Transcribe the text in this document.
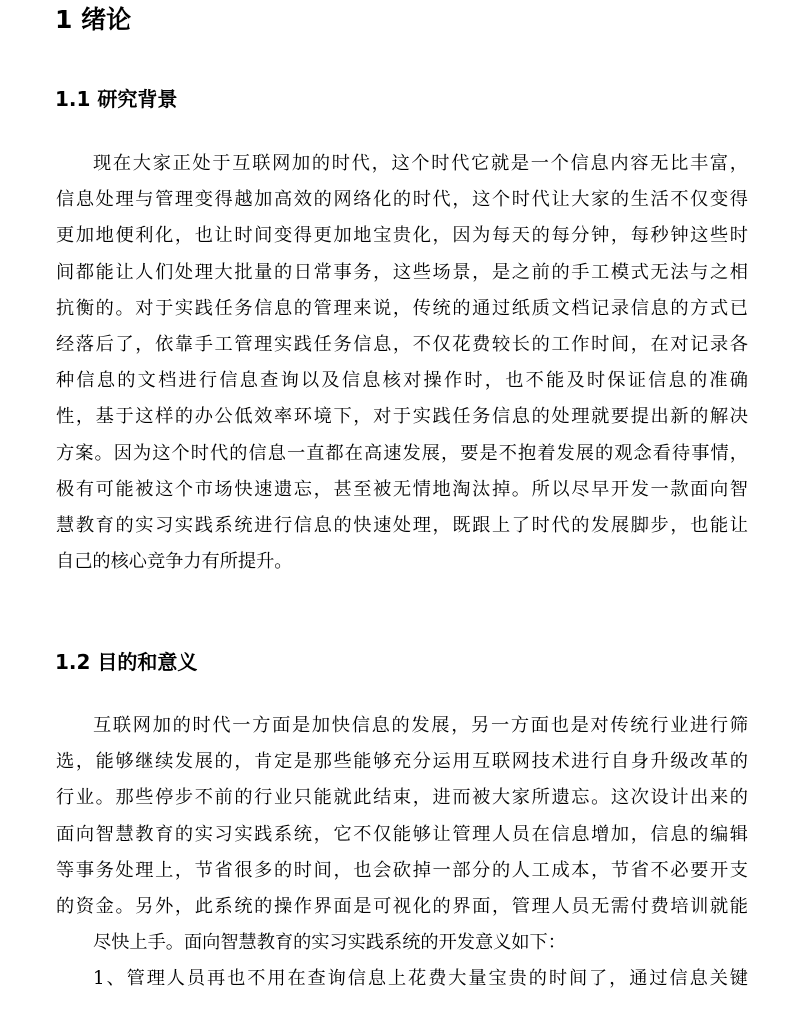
1 绪论
1.1 研究背景
现在大家正处于互联网加的时代，这个时代它就是一个信息内容无比丰富，
信息处理与管理变得越加高效的网络化的时代，这个时代让大家的生活不仅变得
更加地便利化，也让时间变得更加地宝贵化，因为每天的每分钟，每秒钟这些时
间都能让人们处理大批量的日常事务，这些场景，是之前的手工模式无法与之相
抗衡的。对于实践任务信息的管理来说，传统的通过纸质文档记录信息的方式已
经落后了，依靠手工管理实践任务信息，不仅花费较长的工作时间，在对记录各
种信息的文档进行信息查询以及信息核对操作时，也不能及时保证信息的准确
性，基于这样的办公低效率环境下，对于实践任务信息的处理就要提出新的解决
方案。因为这个时代的信息一直都在高速发展，要是不抱着发展的观念看待事情，
极有可能被这个市场快速遗忘，甚至被无情地淘汰掉。所以尽早开发一款面向智
慧教育的实习实践系统进行信息的快速处理，既跟上了时代的发展脚步，也能让
自己的核心竞争力有所提升。
1.2 目的和意义
互联网加的时代一方面是加快信息的发展，另一方面也是对传统行业进行筛
选，能够继续发展的，肯定是那些能够充分运用互联网技术进行自身升级改革的
行业。那些停步不前的行业只能就此结束，进而被大家所遗忘。这次设计出来的
面向智慧教育的实习实践系统，它不仅能够让管理人员在信息增加，信息的编辑
等事务处理上，节省很多的时间，也会砍掉一部分的人工成本，节省不必要开支
的资金。另外，此系统的操作界面是可视化的界面，管理人员无需付费培训就能
尽快上手。面向智慧教育的实习实践系统的开发意义如下：
1、管理人员再也不用在查询信息上花费大量宝贵的时间了，通过信息关键
